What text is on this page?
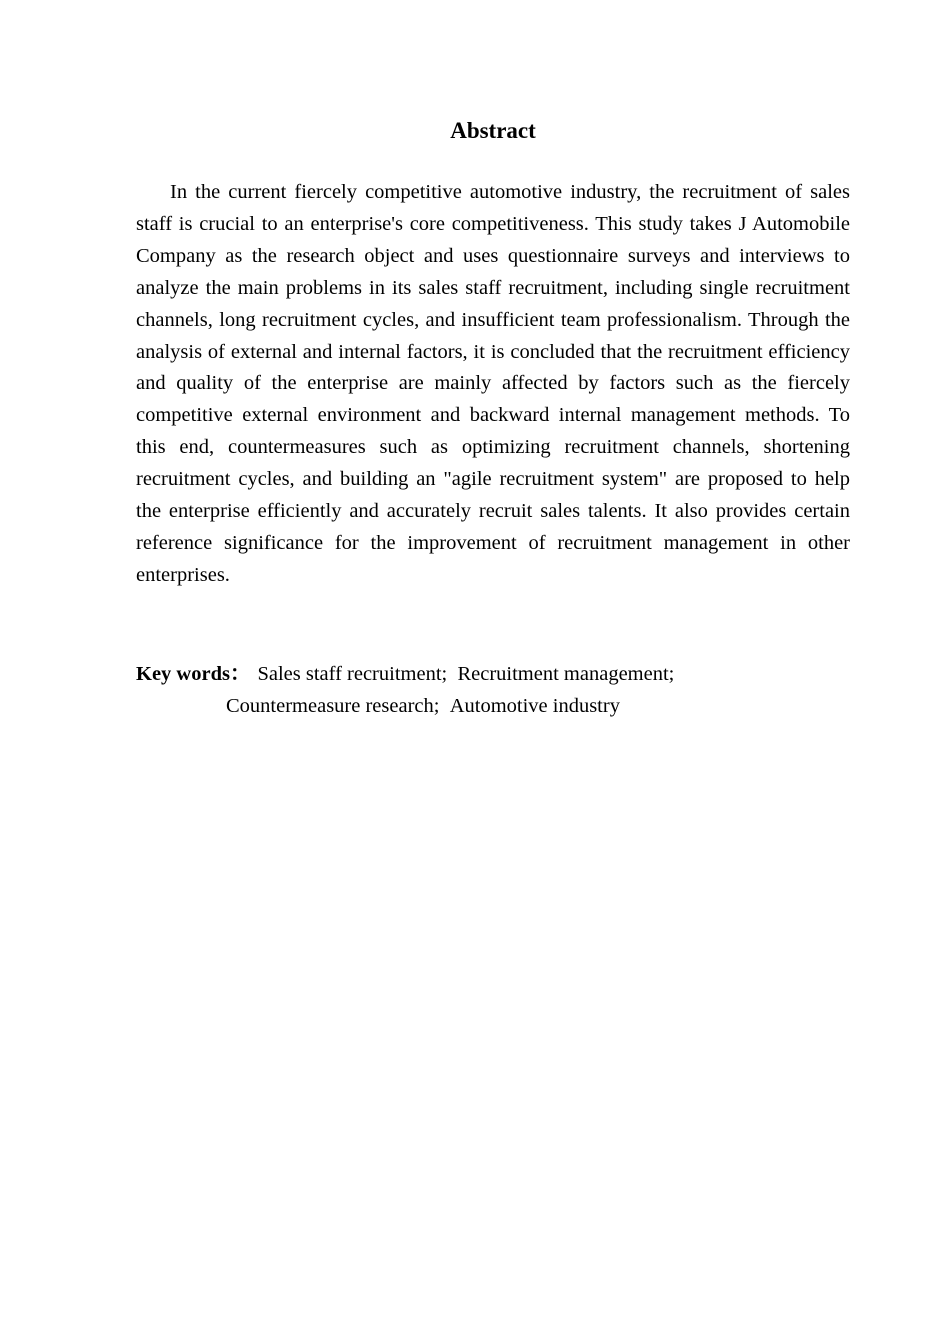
Abstract

In the current fiercely competitive automotive industry, the recruitment of sales staff is crucial to an enterprise's core competitiveness. This study takes J Automobile Company as the research object and uses questionnaire surveys and interviews to analyze the main problems in its sales staff recruitment, including single recruitment channels, long recruitment cycles, and insufficient team professionalism. Through the analysis of external and internal factors, it is concluded that the recruitment efficiency and quality of the enterprise are mainly affected by factors such as the fiercely competitive external environment and backward internal management methods. To this end, countermeasures such as optimizing recruitment channels, shortening recruitment cycles, and building an "agile recruitment system" are proposed to help the enterprise efficiently and accurately recruit sales talents. It also provides certain reference significance for the improvement of recruitment management in other enterprises.

Key words： Sales staff recruitment; Recruitment management;
Countermeasure research; Automotive industry
